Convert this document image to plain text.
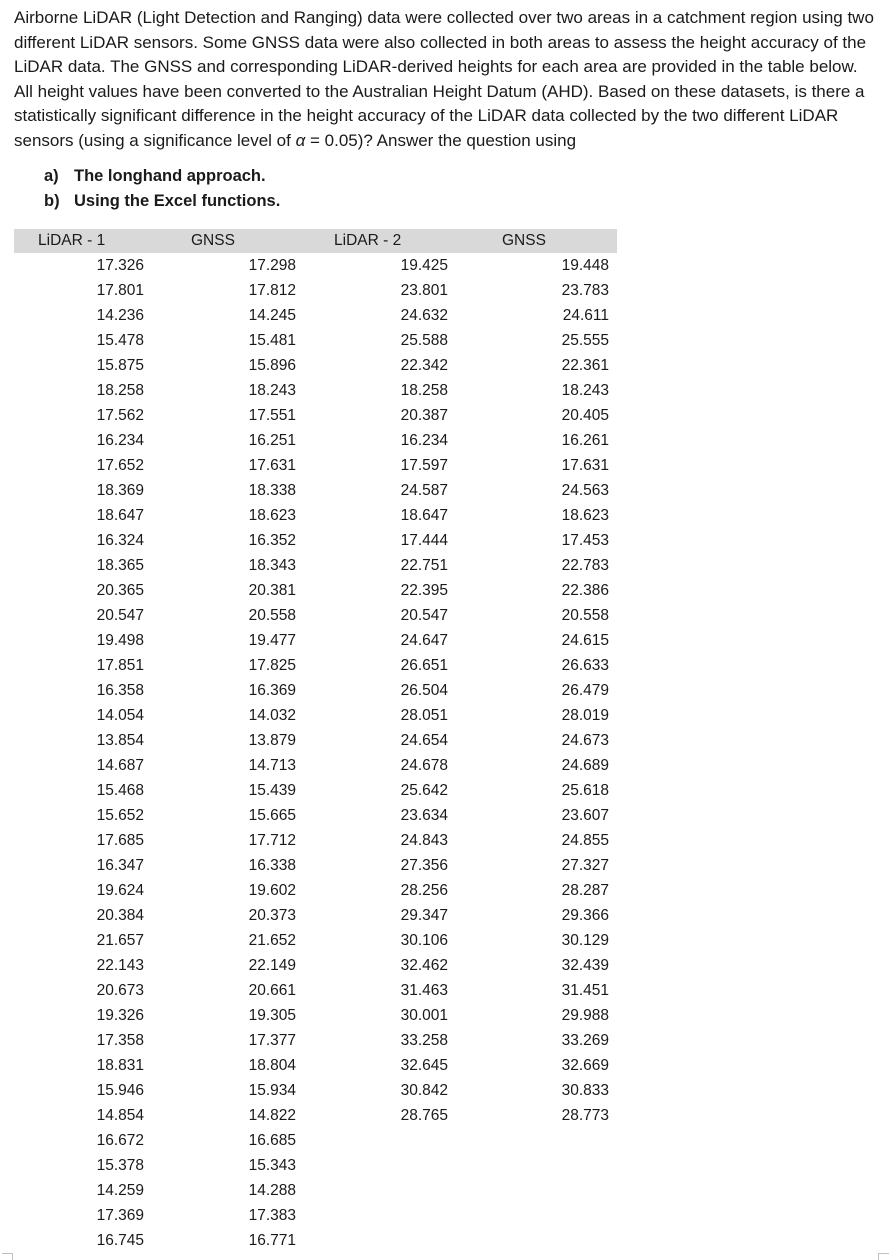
Airborne LiDAR (Light Detection and Ranging) data were collected over two areas in a catchment region using two different LiDAR sensors. Some GNSS data were also collected in both areas to assess the height accuracy of the LiDAR data. The GNSS and corresponding LiDAR-derived heights for each area are provided in the table below. All height values have been converted to the Australian Height Datum (AHD). Based on these datasets, is there a statistically significant difference in the height accuracy of the LiDAR data collected by the two different LiDAR sensors (using a significance level of α = 0.05)? Answer the question using

a) The longhand approach.
b) Using the Excel functions.
LiDAR - 1	GNSS	LiDAR - 2	GNSS
17.326	17.298	19.425	19.448
17.801	17.812	23.801	23.783
14.236	14.245	24.632	24.611
15.478	15.481	25.588	25.555
15.875	15.896	22.342	22.361
18.258	18.243	18.258	18.243
17.562	17.551	20.387	20.405
16.234	16.251	16.234	16.261
17.652	17.631	17.597	17.631
18.369	18.338	24.587	24.563
18.647	18.623	18.647	18.623
16.324	16.352	17.444	17.453
18.365	18.343	22.751	22.783
20.365	20.381	22.395	22.386
20.547	20.558	20.547	20.558
19.498	19.477	24.647	24.615
17.851	17.825	26.651	26.633
16.358	16.369	26.504	26.479
14.054	14.032	28.051	28.019
13.854	13.879	24.654	24.673
14.687	14.713	24.678	24.689
15.468	15.439	25.642	25.618
15.652	15.665	23.634	23.607
17.685	17.712	24.843	24.855
16.347	16.338	27.356	27.327
19.624	19.602	28.256	28.287
20.384	20.373	29.347	29.366
21.657	21.652	30.106	30.129
22.143	22.149	32.462	32.439
20.673	20.661	31.463	31.451
19.326	19.305	30.001	29.988
17.358	17.377	33.258	33.269
18.831	18.804	32.645	32.669
15.946	15.934	30.842	30.833
14.854	14.822	28.765	28.773
16.672	16.685		
15.378	15.343		
14.259	14.288		
17.369	17.383		
16.745	16.771		
